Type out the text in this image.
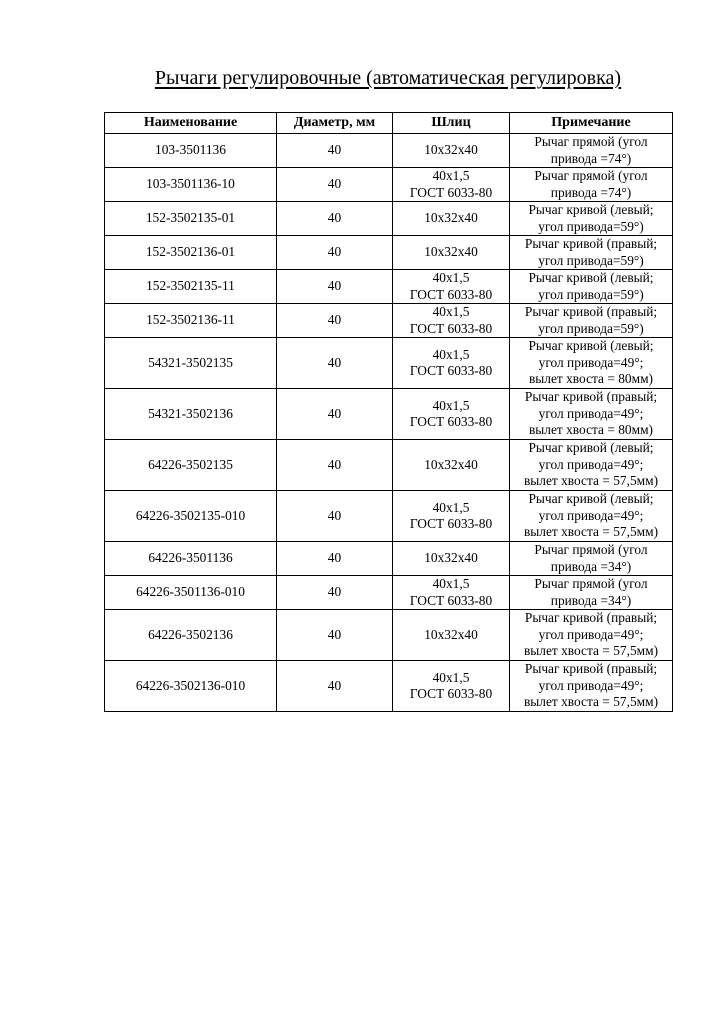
Рычаги регулировочные (автоматическая регулировка)
Наименование	Диаметр, мм	Шлиц	Примечание
103-3501136	40	10х32х40	Рычаг прямой (угол
привода =74°)
103-3501136-10	40	40х1,5
ГОСТ 6033-80	Рычаг прямой (угол
привода =74°)
152-3502135-01	40	10х32х40	Рычаг кривой (левый;
угол привода=59°)
152-3502136-01	40	10х32х40	Рычаг кривой (правый;
угол привода=59°)
152-3502135-11	40	40х1,5
ГОСТ 6033-80	Рычаг кривой (левый;
угол привода=59°)
152-3502136-11	40	40х1,5
ГОСТ 6033-80	Рычаг кривой (правый;
угол привода=59°)
54321-3502135	40	40х1,5
ГОСТ 6033-80	Рычаг кривой (левый;
угол привода=49°;
вылет хвоста = 80мм)
54321-3502136	40	40х1,5
ГОСТ 6033-80	Рычаг кривой (правый;
угол привода=49°;
вылет хвоста = 80мм)
64226-3502135	40	10х32х40	Рычаг кривой (левый;
угол привода=49°;
вылет хвоста = 57,5мм)
64226-3502135-010	40	40х1,5
ГОСТ 6033-80	Рычаг кривой (левый;
угол привода=49°;
вылет хвоста = 57,5мм)
64226-3501136	40	10х32х40	Рычаг прямой (угол
привода =34°)
64226-3501136-010	40	40х1,5
ГОСТ 6033-80	Рычаг прямой (угол
привода =34°)
64226-3502136	40	10х32х40	Рычаг кривой (правый;
угол привода=49°;
вылет хвоста = 57,5мм)
64226-3502136-010	40	40х1,5
ГОСТ 6033-80	Рычаг кривой (правый;
угол привода=49°;
вылет хвоста = 57,5мм)
